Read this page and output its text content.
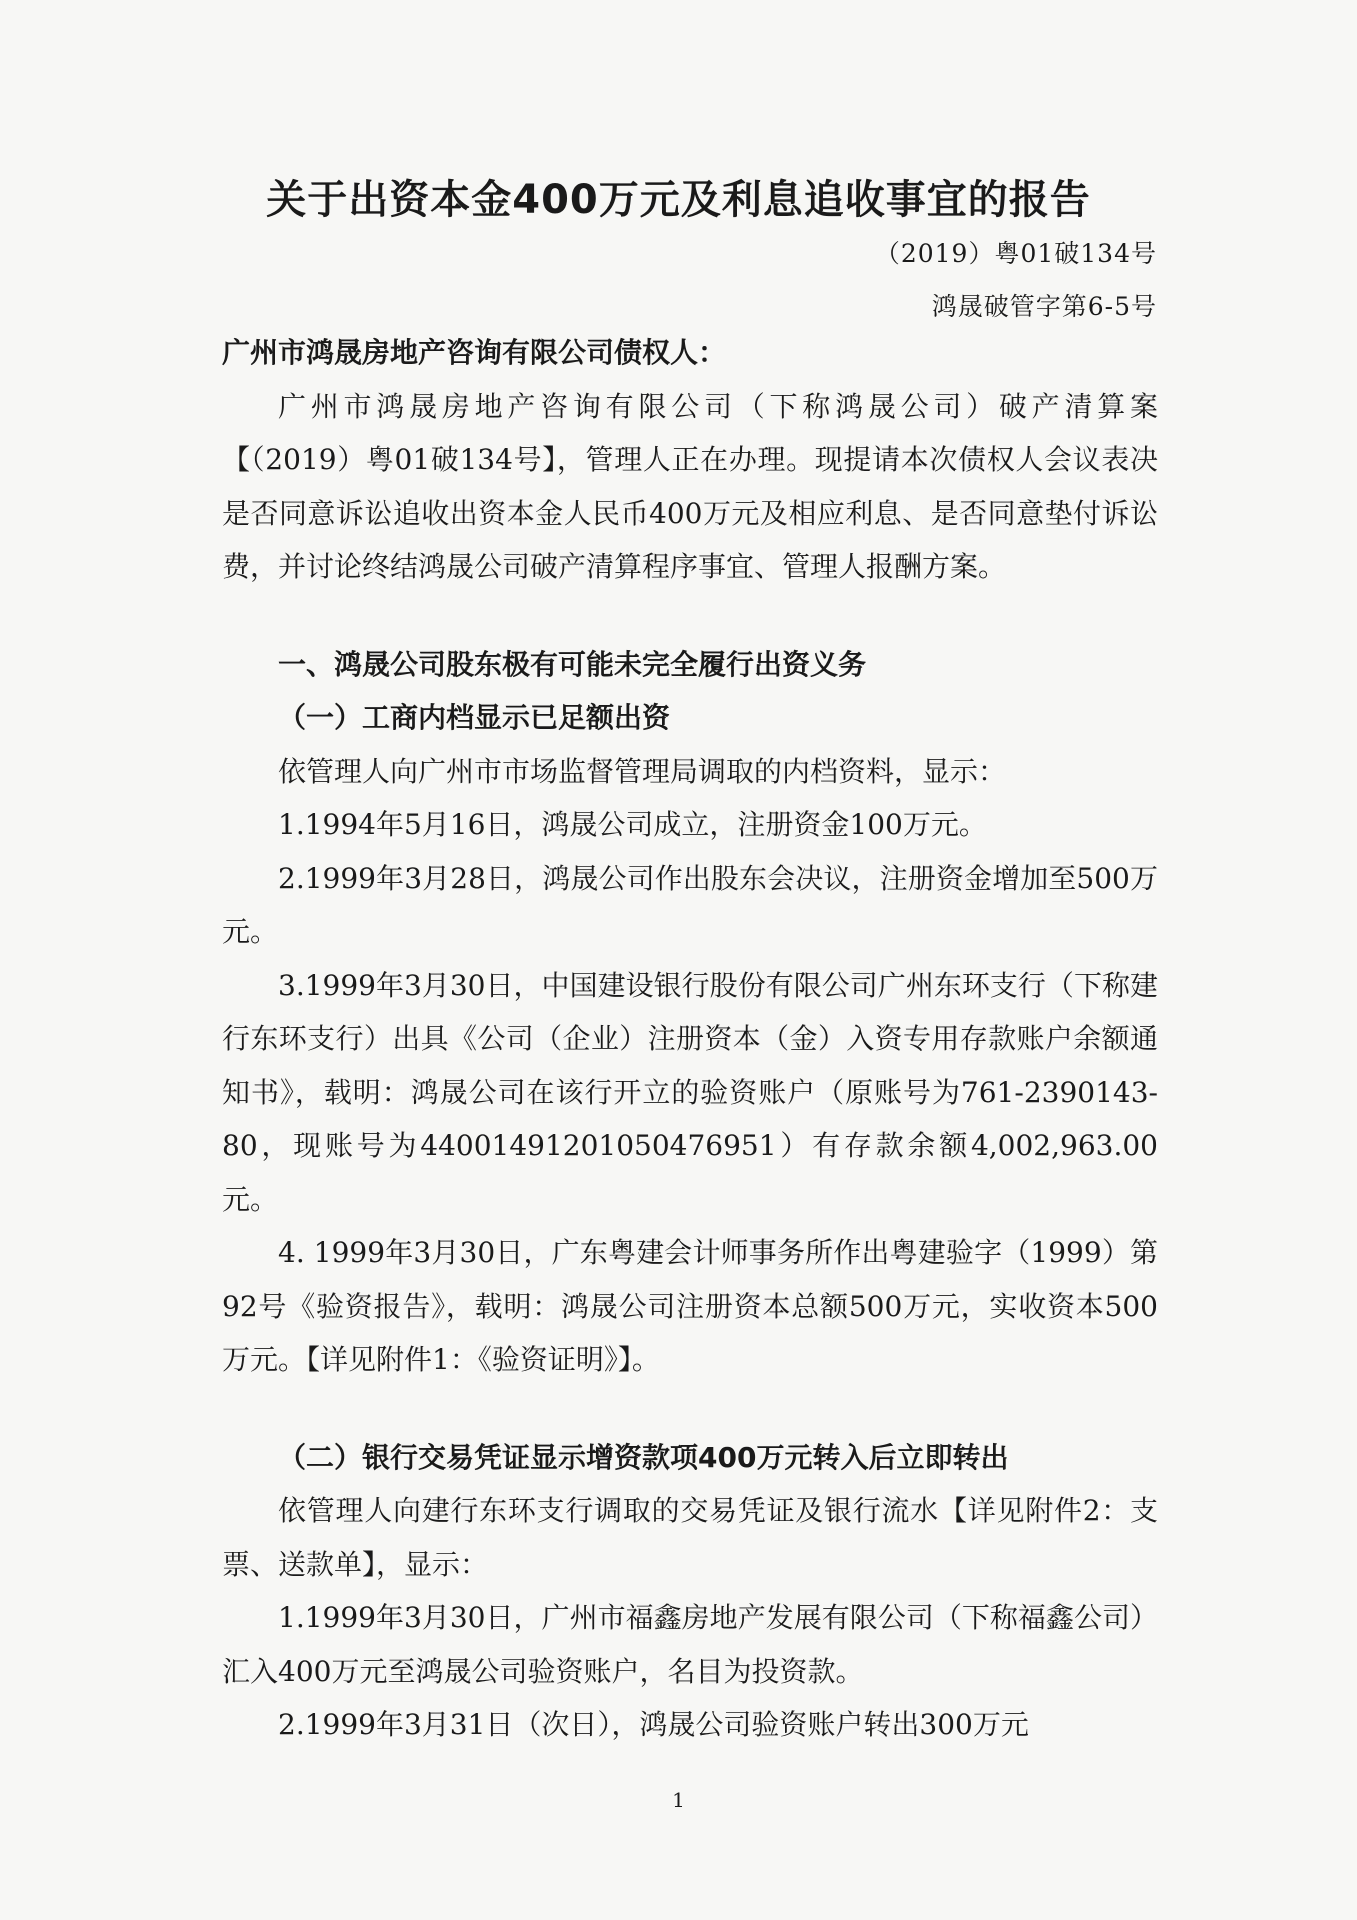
关于出资本金400万元及利息追收事宜的报告

（2019）粤01破134号

鸿晟破管字第6-5号

广州市鸿晟房地产咨询有限公司债权人：

广州市鸿晟房地产咨询有限公司（下称鸿晟公司）破产清算案【（2019）粤01破134号】，管理人正在办理。现提请本次债权人会议表决是否同意诉讼追收出资本金人民币400万元及相应利息、是否同意垫付诉讼费，并讨论终结鸿晟公司破产清算程序事宜、管理人报酬方案。

一、鸿晟公司股东极有可能未完全履行出资义务

（一）工商内档显示已足额出资

依管理人向广州市市场监督管理局调取的内档资料，显示：

1.1994年5月16日，鸿晟公司成立，注册资金100万元。

2.1999年3月28日，鸿晟公司作出股东会决议，注册资金增加至500万元。

3.1999年3月30日，中国建设银行股份有限公司广州东环支行（下称建行东环支行）出具《公司（企业）注册资本（金）入资专用存款账户余额通知书》，载明：鸿晟公司在该行开立的验资账户（原账号为761-2390143-80，现账号为44001491201050476951）有存款余额4,002,963.00元。

4. 1999年3月30日，广东粤建会计师事务所作出粤建验字（1999）第92号《验资报告》，载明：鸿晟公司注册资本总额500万元，实收资本500万元。【详见附件1：《验资证明》】。

（二）银行交易凭证显示增资款项400万元转入后立即转出

依管理人向建行东环支行调取的交易凭证及银行流水【详见附件2：支票、送款单】，显示：

1.1999年3月30日，广州市福鑫房地产发展有限公司（下称福鑫公司）汇入400万元至鸿晟公司验资账户，名目为投资款。

2.1999年3月31日（次日），鸿晟公司验资账户转出300万元

1
